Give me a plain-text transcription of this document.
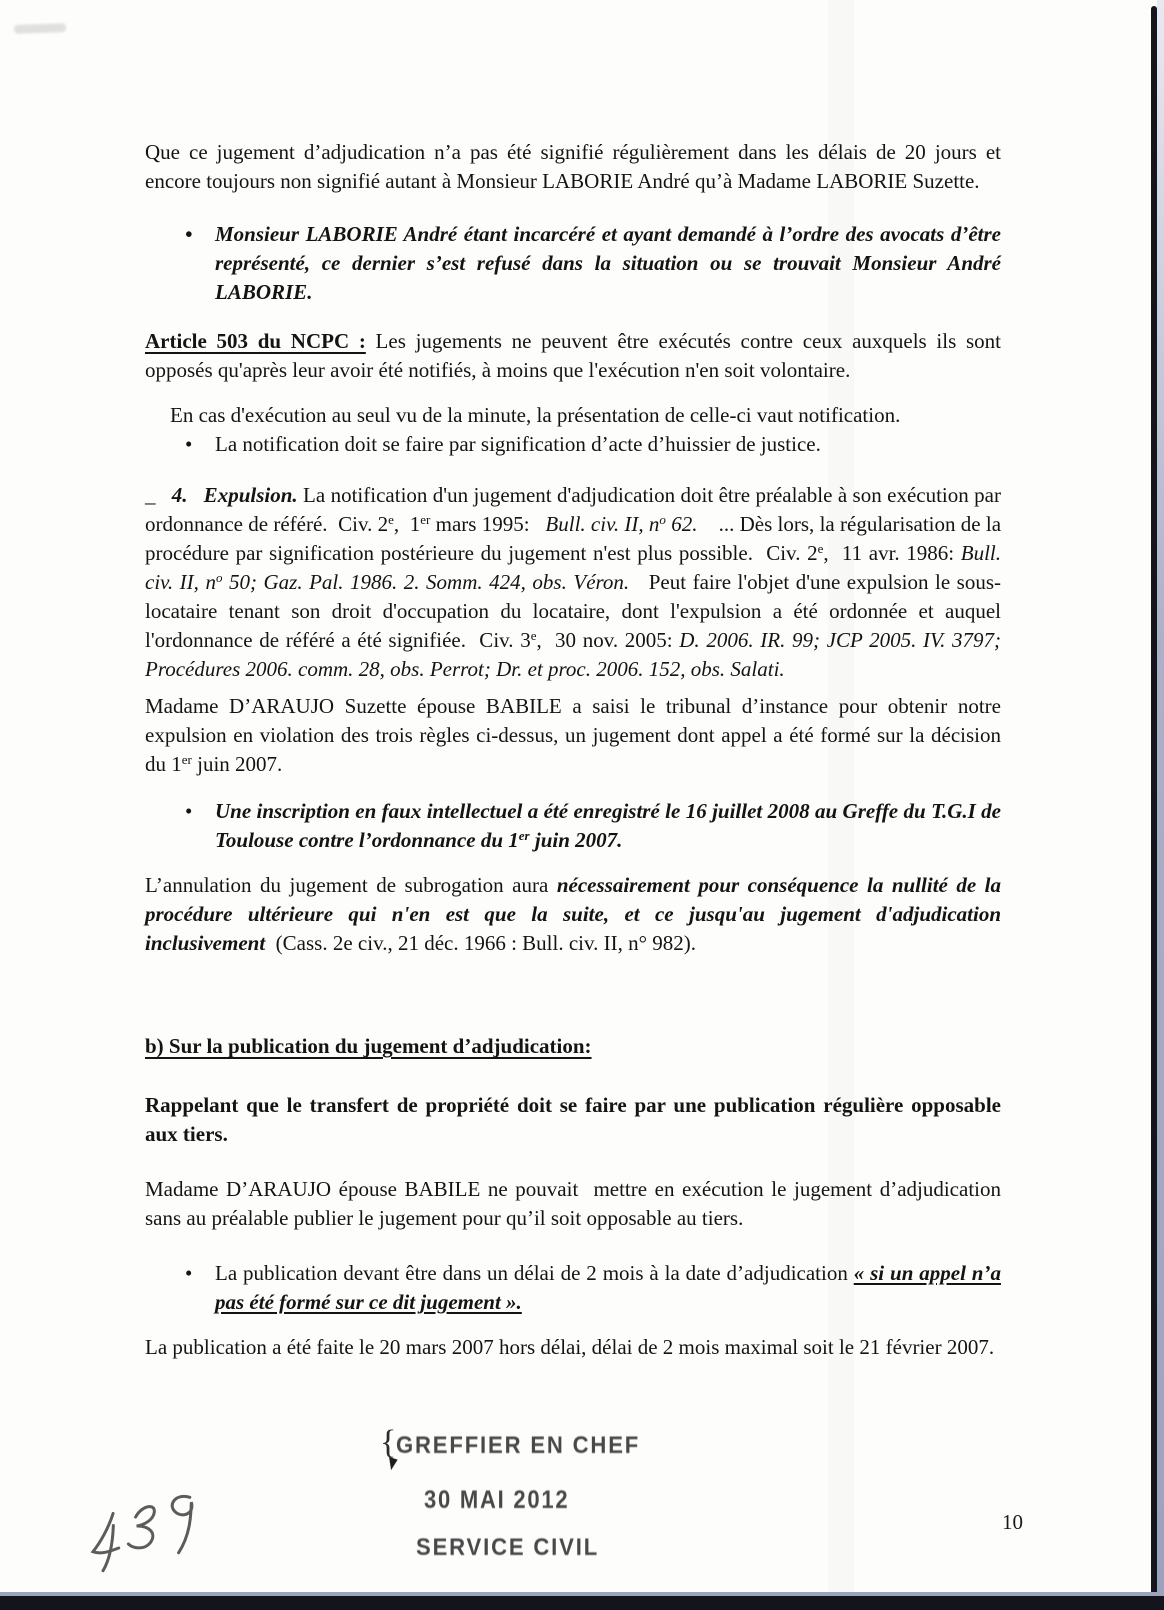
Que ce jugement d’adjudication n’a pas été signifié régulièrement dans les délais de 20 jours et encore toujours non signifié autant à Monsieur LABORIE André qu’à Madame LABORIE Suzette.

• Monsieur LABORIE André étant incarcéré et ayant demandé à l’ordre des avocats d’être représenté, ce dernier s’est refusé dans la situation ou se trouvait Monsieur André LABORIE.

Article 503 du NCPC : Les jugements ne peuvent être exécutés contre ceux auxquels ils sont opposés qu'après leur avoir été notifiés, à moins que l'exécution n'en soit volontaire.

En cas d'exécution au seul vu de la minute, la présentation de celle-ci vaut notification.

• La notification doit se faire par signification d’acte d’huissier de justice.

_   4.   Expulsion. La notification d'un jugement d'adjudication doit être préalable à son exécution par ordonnance de référé.  Civ. 2e,  1er mars 1995:   Bull. civ. II, $n^o$ 62.    ... Dès lors, la régularisation de la procédure par signification postérieure du jugement n'est plus possible.  Civ. 2e,  11 avr. 1986: Bull. civ. II, $n^o$ 50; Gaz. Pal. 1986. 2. Somm. 424, obs. Véron.   Peut faire l'objet d'une expulsion le sous-locataire tenant son droit d'occupation du locataire, dont l'expulsion a été ordonnée et auquel l'ordonnance de référé a été signifiée.  Civ. 3e,  30 nov. 2005: D. 2006. IR. 99; JCP 2005. IV. 3797; Procédures 2006. comm. 28, obs. Perrot; Dr. et proc. 2006. 152, obs. Salati.

Madame D’ARAUJO Suzette épouse BABILE a saisi le tribunal d’instance pour obtenir notre expulsion en violation des trois règles ci-dessus, un jugement dont appel a été formé sur la décision du 1er juin 2007.

• Une inscription en faux intellectuel a été enregistré le 16 juillet 2008 au Greffe du T.G.I de Toulouse contre l’ordonnance du 1er juin 2007.

L’annulation du jugement de subrogation aura nécessairement pour conséquence la nullité de la procédure ultérieure qui n'en est que la suite, et ce jusqu'au jugement d'adjudication inclusivement  (Cass. 2e civ., 21 déc. 1966 : Bull. civ. II, n° 982).

b) Sur la publication du jugement d’adjudication:

Rappelant que le transfert de propriété doit se faire par une publication régulière opposable aux tiers.

Madame D’ARAUJO épouse BABILE ne pouvait  mettre en exécution le jugement d’adjudication sans au préalable publier le jugement pour qu’il soit opposable au tiers.

• La publication devant être dans un délai de 2 mois à la date d’adjudication « si un appel n’a pas été formé sur ce dit jugement ».

La publication a été faite le 20 mars 2007 hors délai, délai de 2 mois maximal soit le 21 février 2007.

{ GREFFIER EN CHEF
30 MAI 2012
SERVICE CIVIL
10
